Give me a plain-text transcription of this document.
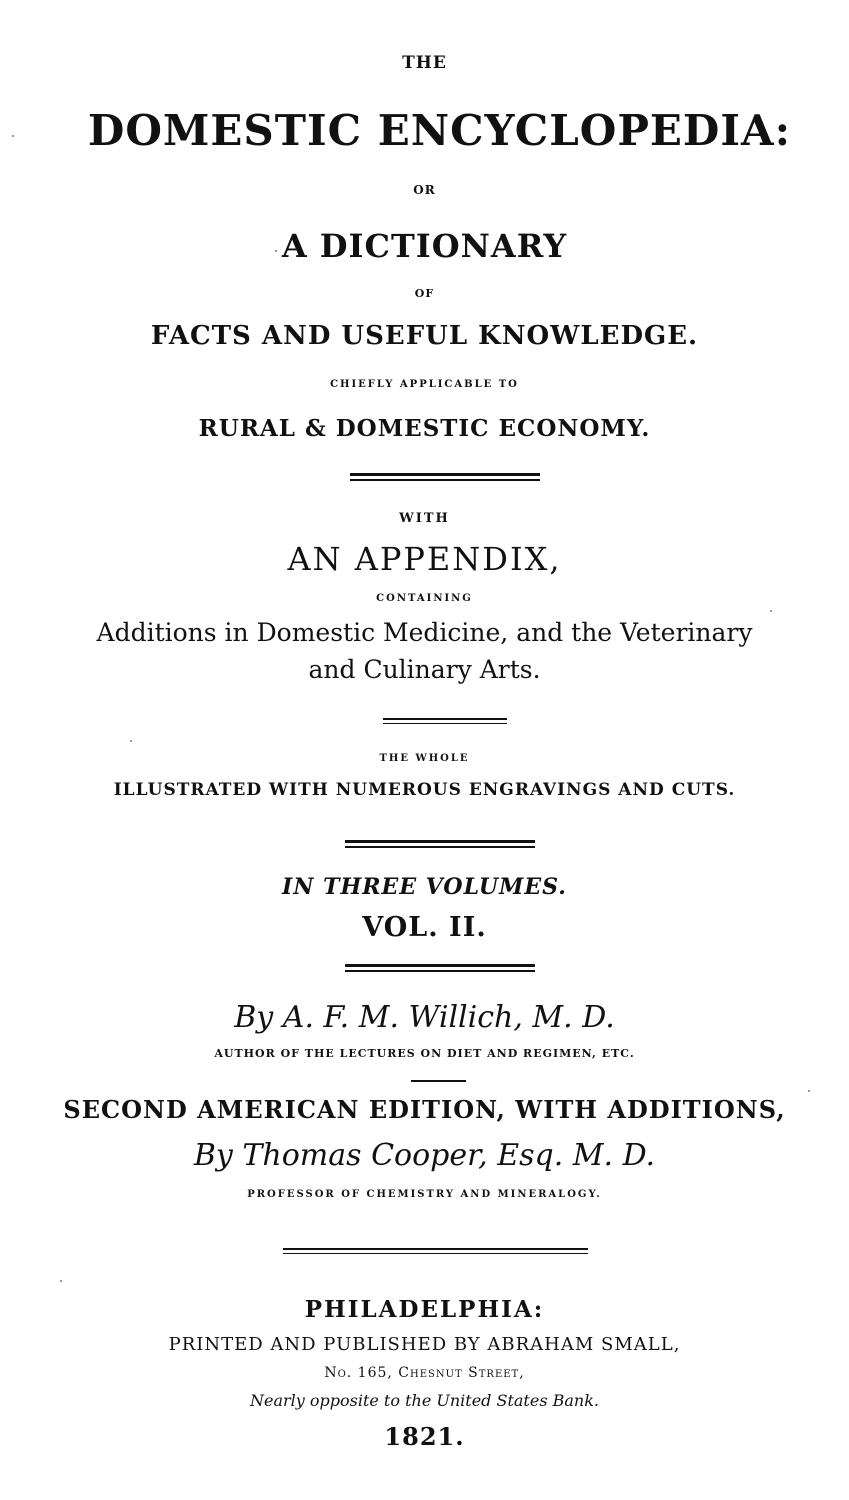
THE
DOMESTIC ENCYCLOPEDIA:
OR
A DICTIONARY
OF
FACTS AND USEFUL KNOWLEDGE.
CHIEFLY APPLICABLE TO
RURAL & DOMESTIC ECONOMY.
WITH
AN APPENDIX,
CONTAINING
Additions in Domestic Medicine, and the Veterinary
and Culinary Arts.
THE WHOLE
ILLUSTRATED WITH NUMEROUS ENGRAVINGS AND CUTS.
IN THREE VOLUMES.
VOL. II.
By A. F. M. Willich, M. D.
AUTHOR OF THE LECTURES ON DIET AND REGIMEN, ETC.
SECOND AMERICAN EDITION, WITH ADDITIONS,
By Thomas Cooper, Esq. M. D.
PROFESSOR OF CHEMISTRY AND MINERALOGY.
PHILADELPHIA:
PRINTED AND PUBLISHED BY ABRAHAM SMALL,
No. 165, Chesnut Street,
Nearly opposite to the United States Bank.
1821.
